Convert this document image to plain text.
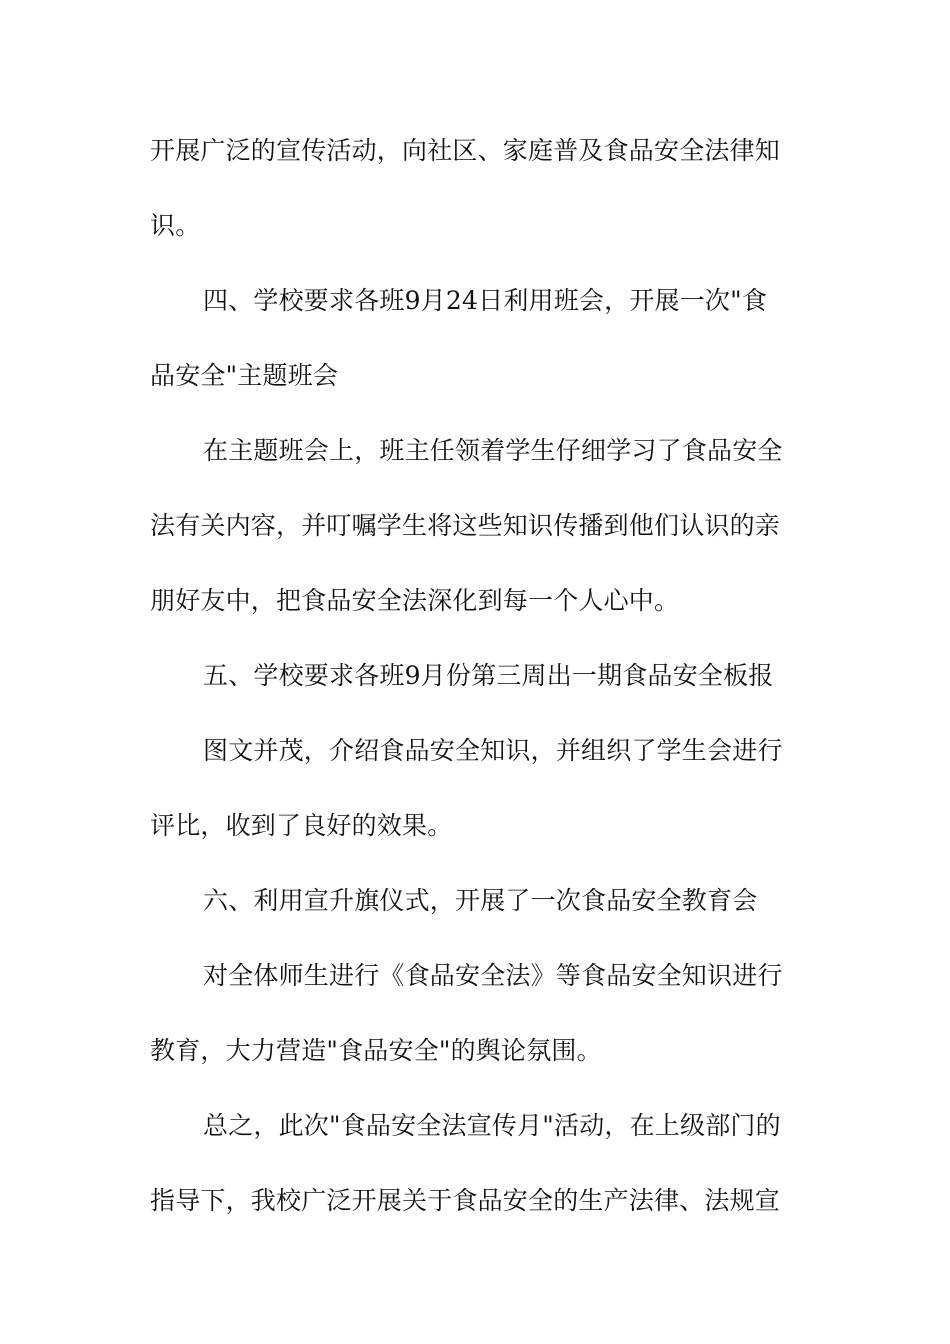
开展广泛的宣传活动，向社区、家庭普及食品安全法律知
识。
四、学校要求各班9月24日利用班会，开展一次"食
品安全"主题班会
在主题班会上，班主任领着学生仔细学习了食品安全
法有关内容，并叮嘱学生将这些知识传播到他们认识的亲
朋好友中，把食品安全法深化到每一个人心中。
五、学校要求各班9月份第三周出一期食品安全板报
图文并茂，介绍食品安全知识，并组织了学生会进行
评比，收到了良好的效果。
六、利用宣升旗仪式，开展了一次食品安全教育会
对全体师生进行《食品安全法》等食品安全知识进行
教育，大力营造"食品安全"的舆论氛围。
总之，此次"食品安全法宣传月"活动，在上级部门的
指导下，我校广泛开展关于食品安全的生产法律、法规宣
